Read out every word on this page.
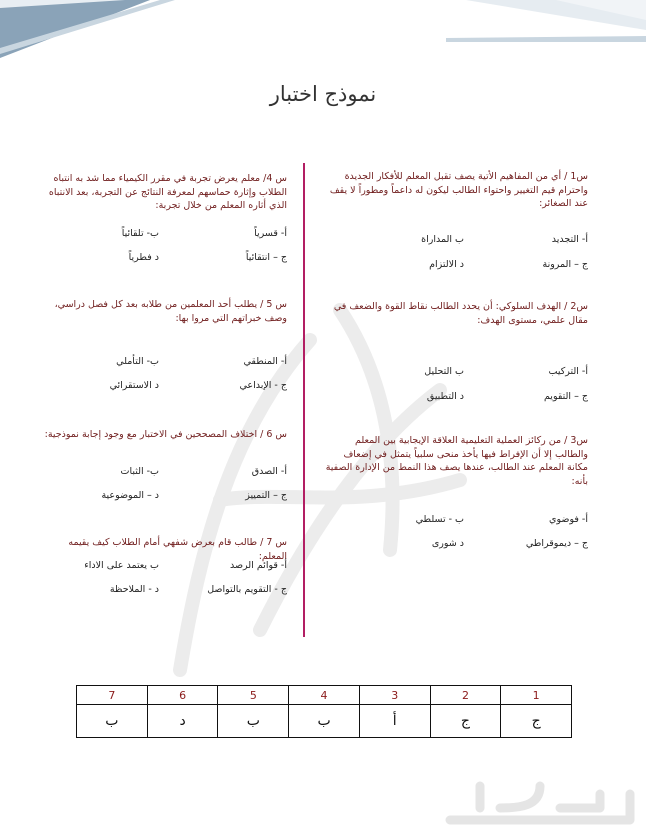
نموذج اختبار
س1 / أي من المفاهيم الأتية يصف تقبل المعلم للأفكار الجديدة واحترام قيم التغيير واحتواء الطالب ليكون له داعماً ومطوراً لا يقف عند الصغائر:
أ- التجديد
ب المداراة
ج – المرونة
د الالتزام
س2 / الهدف السلوكي: أن يحدد الطالب نقاط القوة والضعف في مقال علمي، مستوى الهدف:
أ- التركيب
ب التحليل
ج – التقويم
د التطبيق
س3 / من ركائز العملية التعليمية العلاقة الإيجابية بين المعلم والطالب إلا أن الإفراط فيها يأخذ منحى سلبياً يتمثل في إضعاف مكانة المعلم عند الطالب، عندها يصف هذا النمط من الإدارة الصفية بأنه:
أ- فوضوي
ب - تسلطي
ج – ديموقراطي
د شورى
س 4/ معلم يعرض تجربة في مقرر الكيمياء مما شد به انتباه الطلاب وإثارة حماسهم لمعرفة النتائج عن التجربة، بعد الانتباه الذي أثاره المعلم من خلال تجربة:
أ- قسرياً
ب- تلقائياً
ج – انتقائياً
د فطرياً
س 5 / يطلب أحد المعلمين من طلابه بعد كل فصل دراسي، وصف خبراتهم التي مروا بها:
أ- المنطقي
ب- التأملي
ج - الإبداعي
د الاستقرائي
س 6 / اختلاف المصححين في الاختبار مع وجود إجابة نموذجية:
أ- الصدق
ب- الثبات
ج – التمييز
د – الموضوعية
س 7 / طالب قام بعرض شفهي أمام الطلاب كيف يقيمه المعلم:
أ- قوائم الرصد
ب يعتمد على الاداء
ج - التقويم بالتواصل
د - الملاحظة
1	2	3	4	5	6	7
ج	ج	أ	ب	ب	د	ب
